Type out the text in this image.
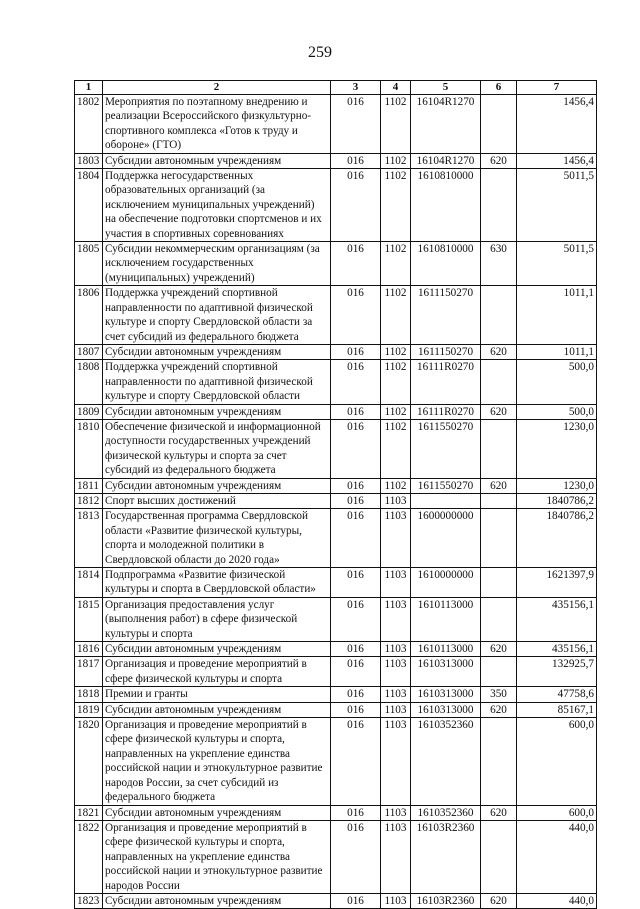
259
1	2	3	4	5	6	7
1802	Мероприятия по поэтапному внедрению и реализации Всероссийского физкультурно-спортивного комплекса «Готов к труду и обороне» (ГТО)	016	1102	16104R1270		1456,4
1803	Субсидии автономным учреждениям	016	1102	16104R1270	620	1456,4
1804	Поддержка негосударственных образовательных организаций (за исключением муниципальных учреждений) на обеспечение подготовки спортсменов и их участия в спортивных соревнованиях	016	1102	1610810000		5011,5
1805	Субсидии некоммерческим организациям (за исключением государственных (муниципальных) учреждений)	016	1102	1610810000	630	5011,5
1806	Поддержка учреждений спортивной направленности по адаптивной физической культуре и спорту Свердловской области за счет субсидий из федерального бюджета	016	1102	1611150270		1011,1
1807	Субсидии автономным учреждениям	016	1102	1611150270	620	1011,1
1808	Поддержка учреждений спортивной направленности по адаптивной физической культуре и спорту Свердловской области	016	1102	16111R0270		500,0
1809	Субсидии автономным учреждениям	016	1102	16111R0270	620	500,0
1810	Обеспечение физической и информационной доступности государственных учреждений физической культуры и спорта за счет субсидий из федерального бюджета	016	1102	1611550270		1230,0
1811	Субсидии автономным учреждениям	016	1102	1611550270	620	1230,0
1812	Спорт высших достижений	016	1103			1840786,2
1813	Государственная программа Свердловской области «Развитие физической культуры, спорта и молодежной политики в Свердловской области до 2020 года»	016	1103	1600000000		1840786,2
1814	Подпрограмма «Развитие физической культуры и спорта в Свердловской области»	016	1103	1610000000		1621397,9
1815	Организация предоставления услуг (выполнения работ) в сфере физической культуры и спорта	016	1103	1610113000		435156,1
1816	Субсидии автономным учреждениям	016	1103	1610113000	620	435156,1
1817	Организация и проведение мероприятий в сфере физической культуры и спорта	016	1103	1610313000		132925,7
1818	Премии и гранты	016	1103	1610313000	350	47758,6
1819	Субсидии автономным учреждениям	016	1103	1610313000	620	85167,1
1820	Организация и проведение мероприятий в сфере физической культуры и спорта, направленных на укрепление единства российской нации и этнокультурное развитие народов России, за счет субсидий из федерального бюджета	016	1103	1610352360		600,0
1821	Субсидии автономным учреждениям	016	1103	1610352360	620	600,0
1822	Организация и проведение мероприятий в сфере физической культуры и спорта, направленных на укрепление единства российской нации и этнокультурное развитие народов России	016	1103	16103R2360		440,0
1823	Субсидии автономным учреждениям	016	1103	16103R2360	620	440,0
